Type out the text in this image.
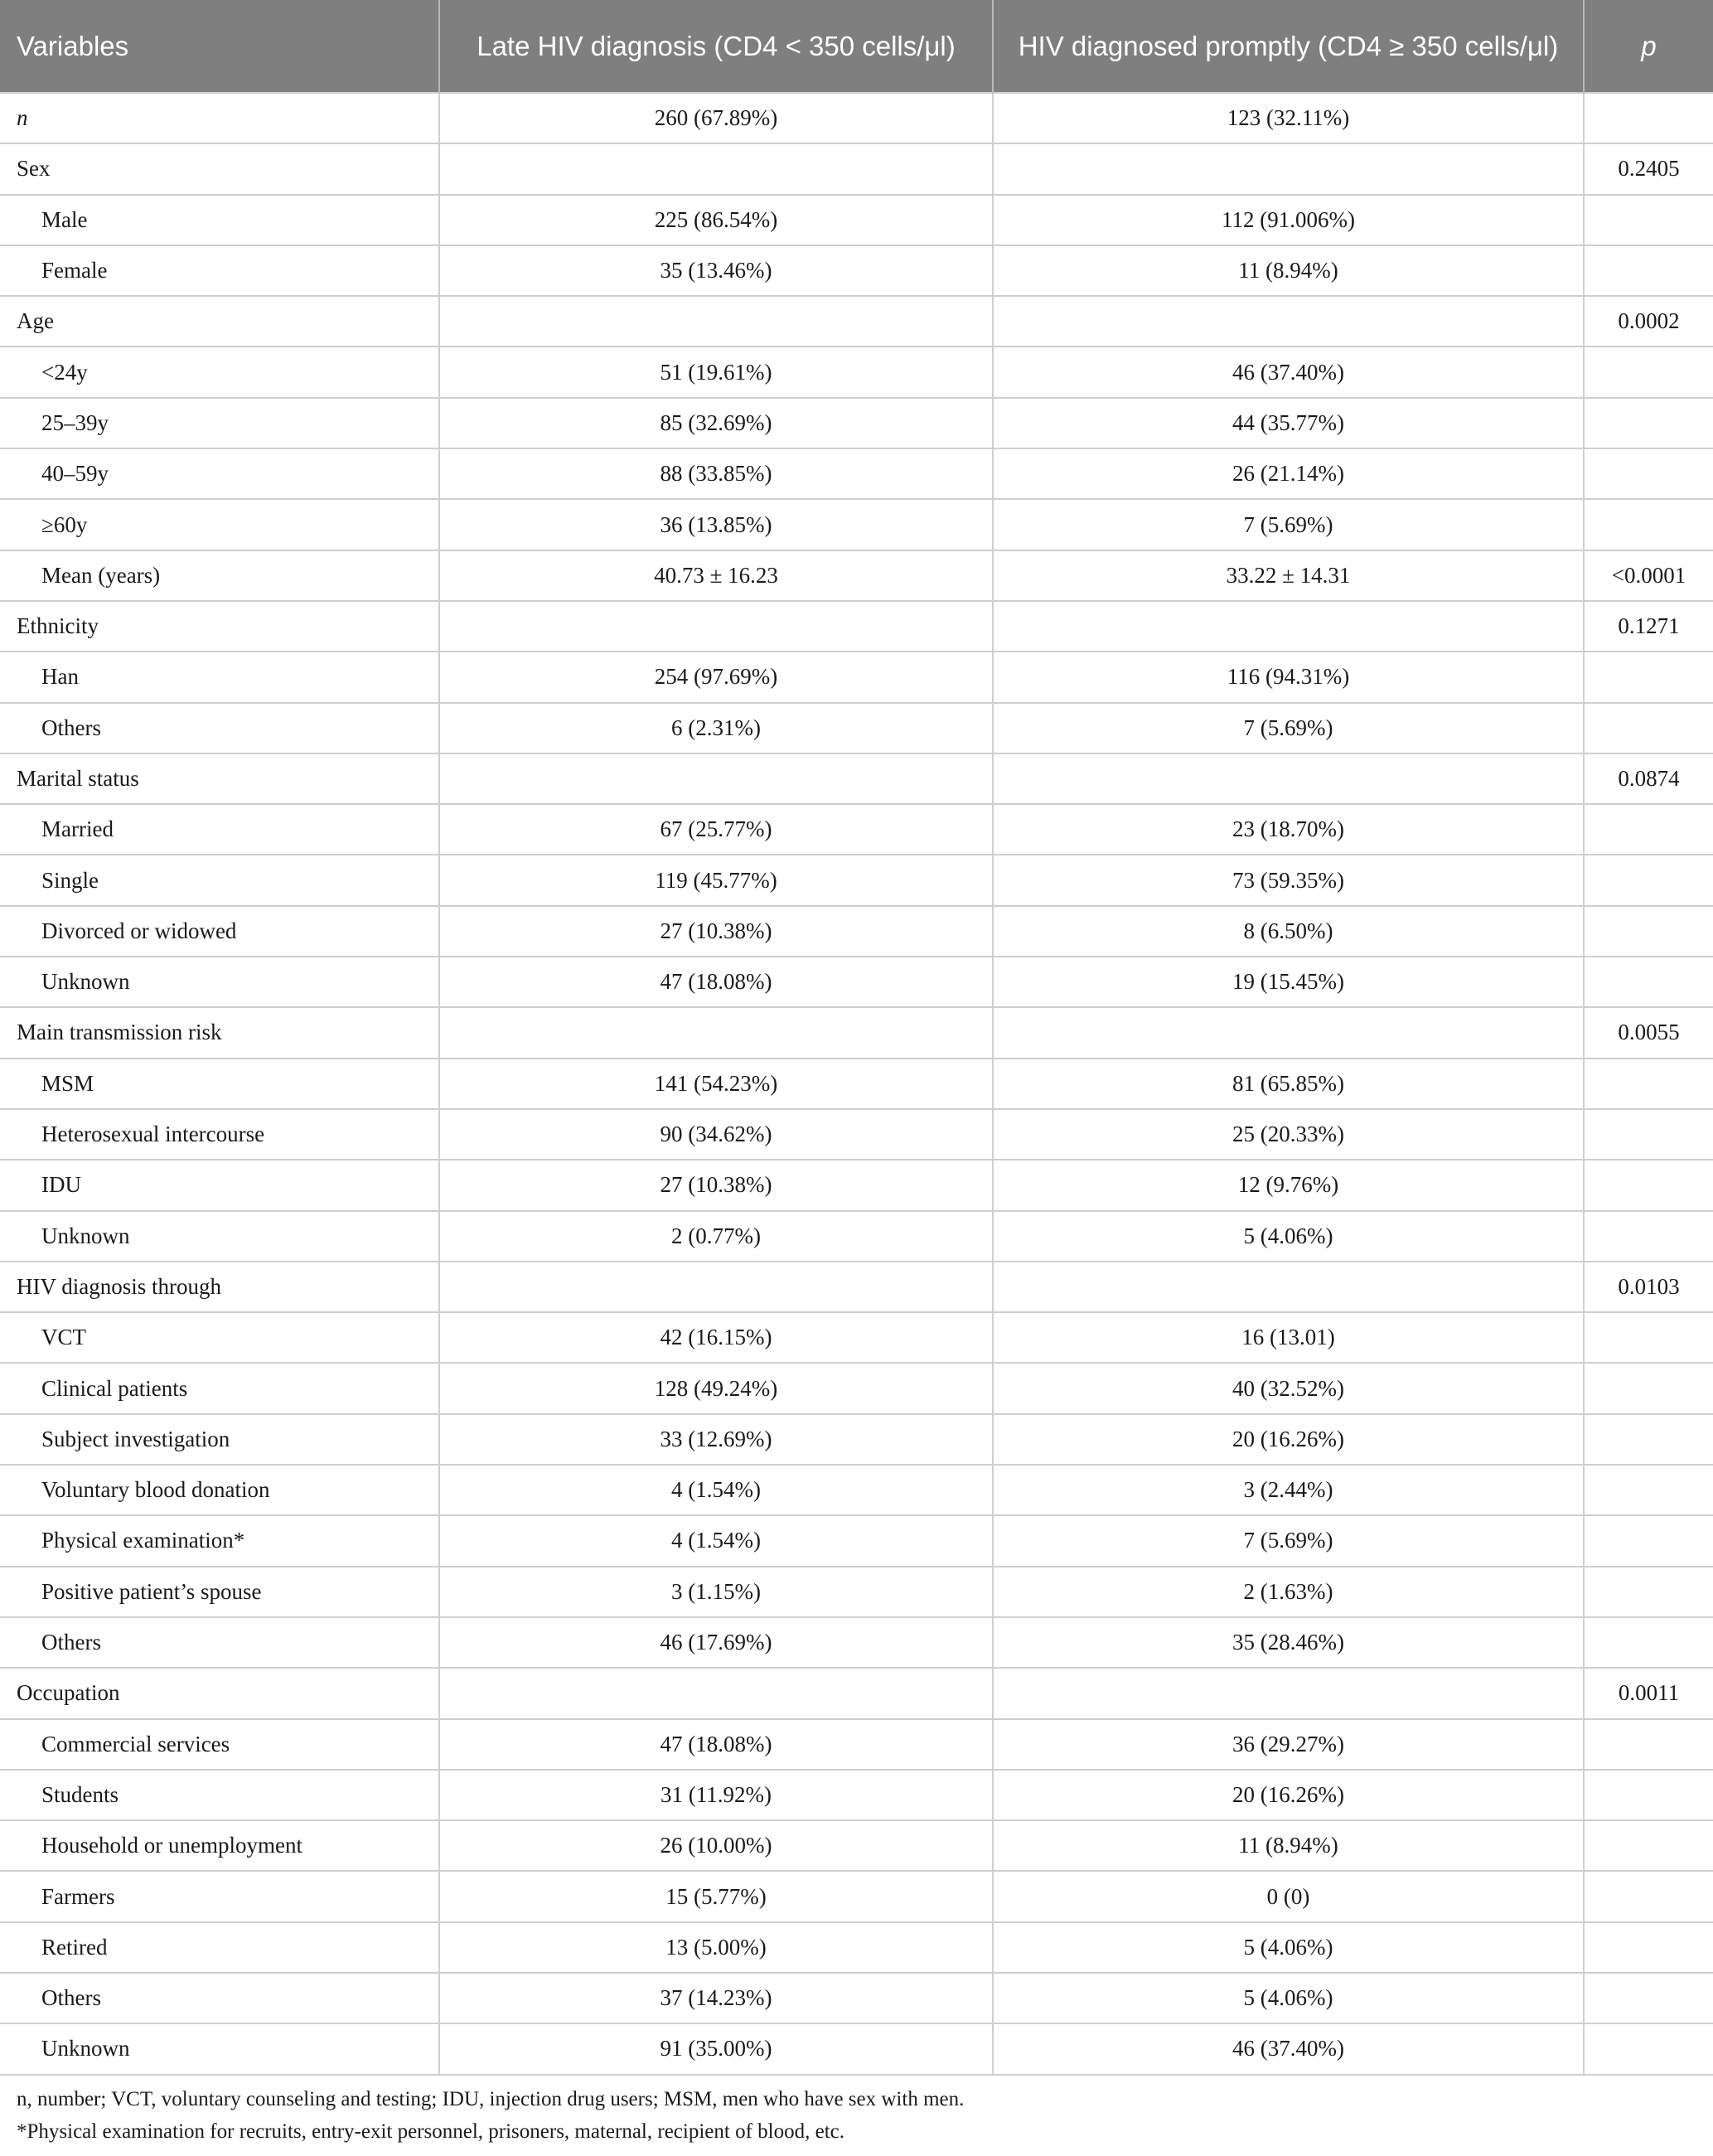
Variables	Late HIV diagnosis (CD4 < 350 cells/μl)	HIV diagnosed promptly (CD4 ≥ 350 cells/μl)	p
n	260 (67.89%)	123 (32.11%)	
Sex			0.2405
Male	225 (86.54%)	112 (91.006%)	
Female	35 (13.46%)	11 (8.94%)	
Age			0.0002
<24y	51 (19.61%)	46 (37.40%)	
25–39y	85 (32.69%)	44 (35.77%)	
40–59y	88 (33.85%)	26 (21.14%)	
≥60y	36 (13.85%)	7 (5.69%)	
Mean (years)	40.73 ± 16.23	33.22 ± 14.31	<0.0001
Ethnicity			0.1271
Han	254 (97.69%)	116 (94.31%)	
Others	6 (2.31%)	7 (5.69%)	
Marital status			0.0874
Married	67 (25.77%)	23 (18.70%)	
Single	119 (45.77%)	73 (59.35%)	
Divorced or widowed	27 (10.38%)	8 (6.50%)	
Unknown	47 (18.08%)	19 (15.45%)	
Main transmission risk			0.0055
MSM	141 (54.23%)	81 (65.85%)	
Heterosexual intercourse	90 (34.62%)	25 (20.33%)	
IDU	27 (10.38%)	12 (9.76%)	
Unknown	2 (0.77%)	5 (4.06%)	
HIV diagnosis through			0.0103
VCT	42 (16.15%)	16 (13.01)	
Clinical patients	128 (49.24%)	40 (32.52%)	
Subject investigation	33 (12.69%)	20 (16.26%)	
Voluntary blood donation	4 (1.54%)	3 (2.44%)	
Physical examination*	4 (1.54%)	7 (5.69%)	
Positive patient’s spouse	3 (1.15%)	2 (1.63%)	
Others	46 (17.69%)	35 (28.46%)	
Occupation			0.0011
Commercial services	47 (18.08%)	36 (29.27%)	
Students	31 (11.92%)	20 (16.26%)	
Household or unemployment	26 (10.00%)	11 (8.94%)	
Farmers	15 (5.77%)	0 (0)	
Retired	13 (5.00%)	5 (4.06%)	
Others	37 (14.23%)	5 (4.06%)	
Unknown	91 (35.00%)	46 (37.40%)	

n, number; VCT, voluntary counseling and testing; IDU, injection drug users; MSM, men who have sex with men.

*Physical examination for recruits, entry-exit personnel, prisoners, maternal, recipient of blood, etc.
